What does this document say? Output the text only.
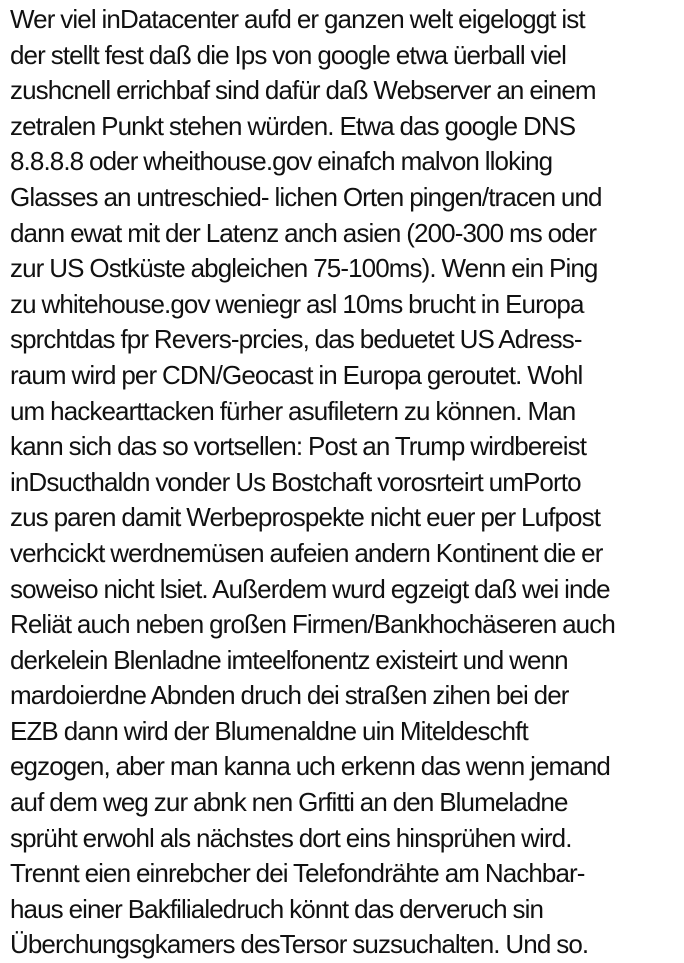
Wer viel inDatacenter aufd er ganzen welt eigeloggt ist
der stellt fest daß die Ips von google etwa üerball viel
zushcnell errichbaf sind dafür daß Webserver an einem
zetralen Punkt stehen würden. Etwa das google DNS
8.8.8.8 oder wheithouse.gov einafch malvon lloking
Glasses an untreschied- lichen Orten pingen/tracen und
dann ewat mit der Latenz anch asien (200-300 ms oder
zur US Ostküste abgleichen 75-100ms). Wenn ein Ping
zu whitehouse.gov weniegr asl 10ms brucht in Europa
sprchtdas fpr Revers-prcies, das beduetet US Adress-
raum wird per CDN/Geocast in Europa geroutet. Wohl
um hackearttacken fürher asufiletern zu können. Man
kann sich das so vortsellen: Post an Trump wirdbereist
inDsucthaldn vonder Us Bostchaft vorosrteirt umPorto
zus paren damit Werbeprospekte nicht euer per Lufpost
verhcickt werdnemüsen aufeien andern Kontinent die er
soweiso nicht lsiet. Außerdem wurd egzeigt daß wei inde
Reliät auch neben großen Firmen/Bankhochäseren auch
derkelein Blenladne imteelfonentz existeirt und wenn
mardoierdne Abnden druch dei straßen zihen bei der
EZB dann wird der Blumenaldne uin Miteldeschft
egzogen, aber man kanna uch erkenn das wenn jemand
auf dem weg zur abnk nen Grfitti an den Blumeladne
sprüht erwohl als nächstes dort eins hinsprühen wird.
Trennt eien einrebcher dei Telefondrähte am Nachbar-
haus einer Bakfilialedruch könnt das derveruch sin
Überchungsgkamers desTersor suzsuchalten. Und so.
